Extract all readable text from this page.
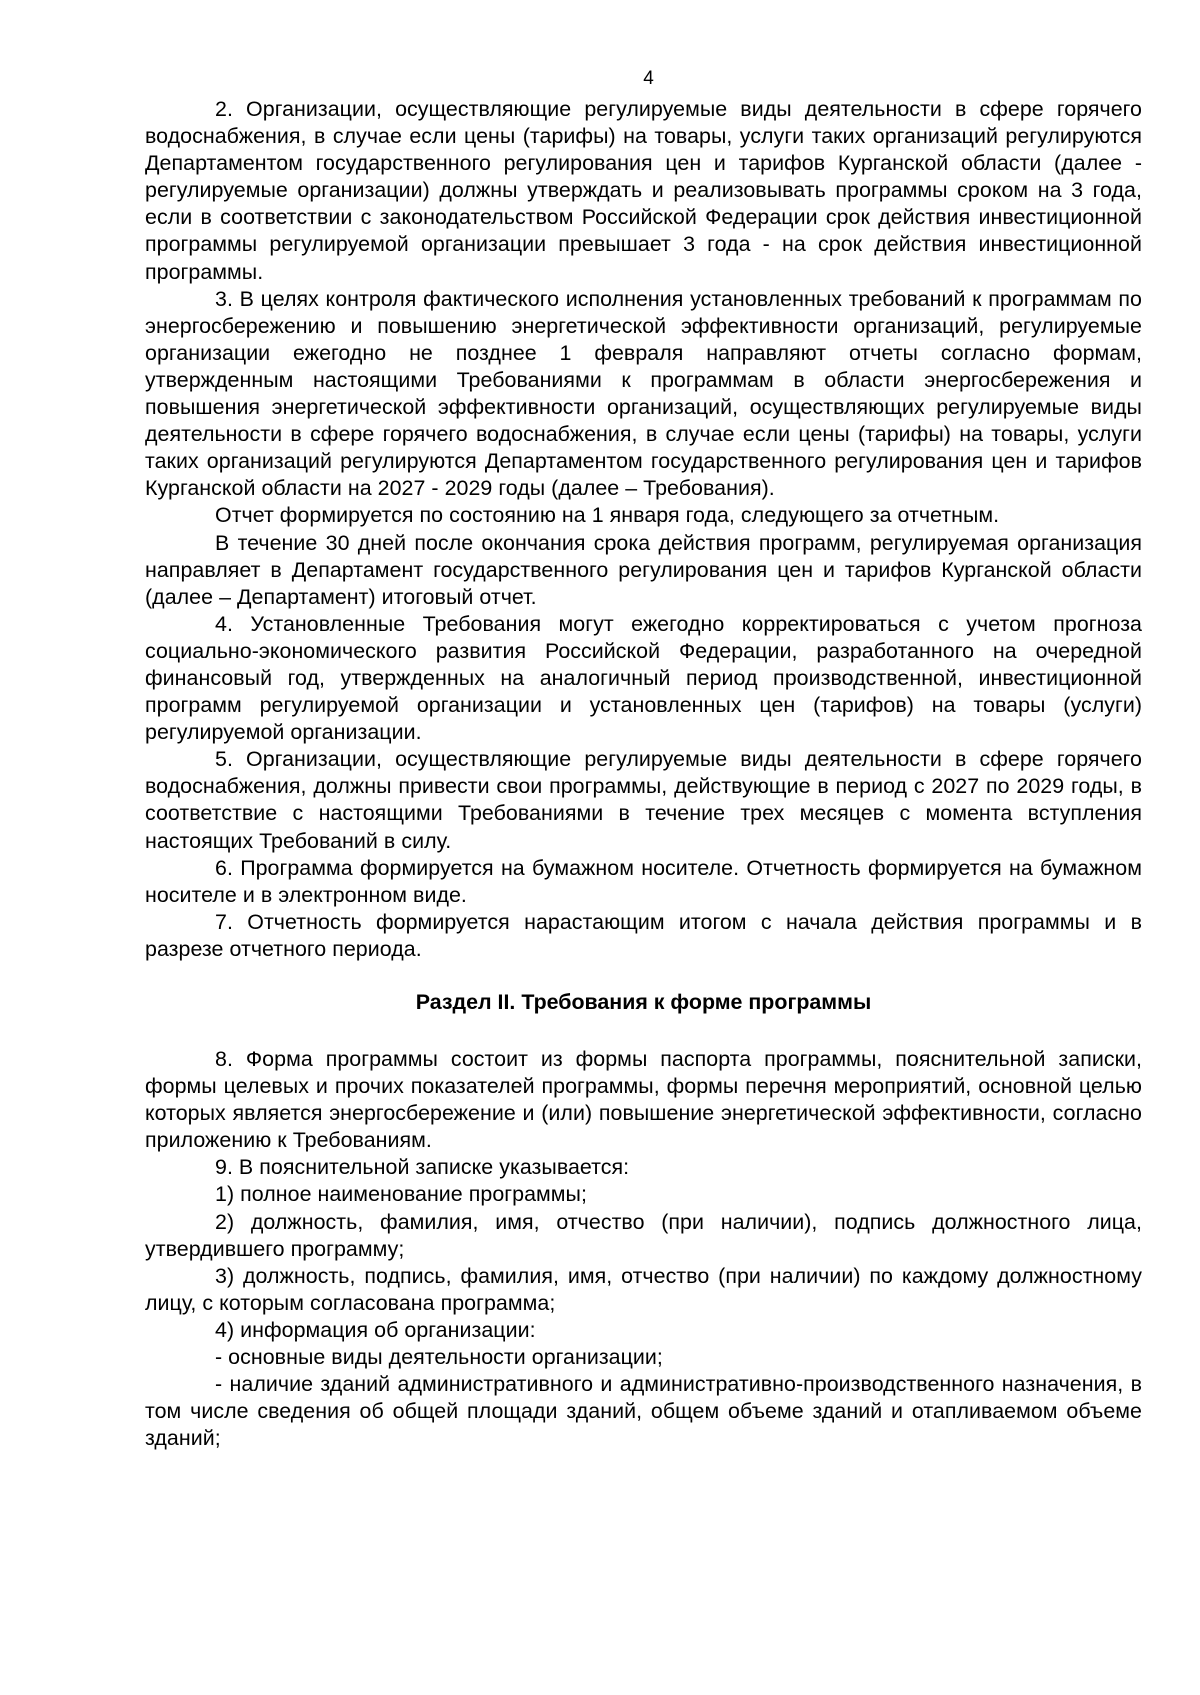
4

2. Организации, осуществляющие регулируемые виды деятельности в сфере горячего водоснабжения, в случае если цены (тарифы) на товары, услуги таких организаций регулируются Департаментом государственного регулирования цен и тарифов Курганской области (далее - регулируемые организации) должны утверждать и реализовывать программы сроком на 3 года, если в соответствии с законодательством Российской Федерации срок действия инвестиционной программы регулируемой организации превышает 3 года - на срок действия инвестиционной программы.

3. В целях контроля фактического исполнения установленных требований к программам по энергосбережению и повышению энергетической эффективности организаций, регулируемые организации ежегодно не позднее 1 февраля направляют отчеты согласно формам, утвержденным настоящими Требованиями к программам в области энергосбережения и повышения энергетической эффективности организаций, осуществляющих регулируемые виды деятельности в сфере горячего водоснабжения, в случае если цены (тарифы) на товары, услуги таких организаций регулируются Департаментом государственного регулирования цен и тарифов Курганской области на 2027 - 2029 годы (далее – Требования).

Отчет формируется по состоянию на 1 января года, следующего за отчетным.

В течение 30 дней после окончания срока действия программ, регулируемая организация направляет в Департамент государственного регулирования цен и тарифов Курганской области (далее – Департамент) итоговый отчет.

4. Установленные Требования могут ежегодно корректироваться с учетом прогноза социально-экономического развития Российской Федерации, разработанного на очередной финансовый год, утвержденных на аналогичный период производственной, инвестиционной программ регулируемой организации и установленных цен (тарифов) на товары (услуги) регулируемой организации.

5. Организации, осуществляющие регулируемые виды деятельности в сфере горячего водоснабжения, должны привести свои программы, действующие в период с 2027 по 2029 годы, в соответствие с настоящими Требованиями в течение трех месяцев с момента вступления настоящих Требований в силу.

6. Программа формируется на бумажном носителе. Отчетность формируется на бумажном носителе и в электронном виде.

7. Отчетность формируется нарастающим итогом с начала действия программы и в разрезе отчетного периода.

Раздел II. Требования к форме программы

8. Форма программы состоит из формы паспорта программы, пояснительной записки, формы целевых и прочих показателей программы, формы перечня мероприятий, основной целью которых является энергосбережение и (или) повышение энергетической эффективности, согласно приложению к Требованиям.

9. В пояснительной записке указывается:

1) полное наименование программы;

2) должность, фамилия, имя, отчество (при наличии), подпись должностного лица, утвердившего программу;

3) должность, подпись, фамилия, имя, отчество (при наличии) по каждому должностному лицу, с которым согласована программа;

4) информация об организации:

- основные виды деятельности организации;

- наличие зданий административного и административно-производственного назначения, в том числе сведения об общей площади зданий, общем объеме зданий и отапливаемом объеме зданий;
